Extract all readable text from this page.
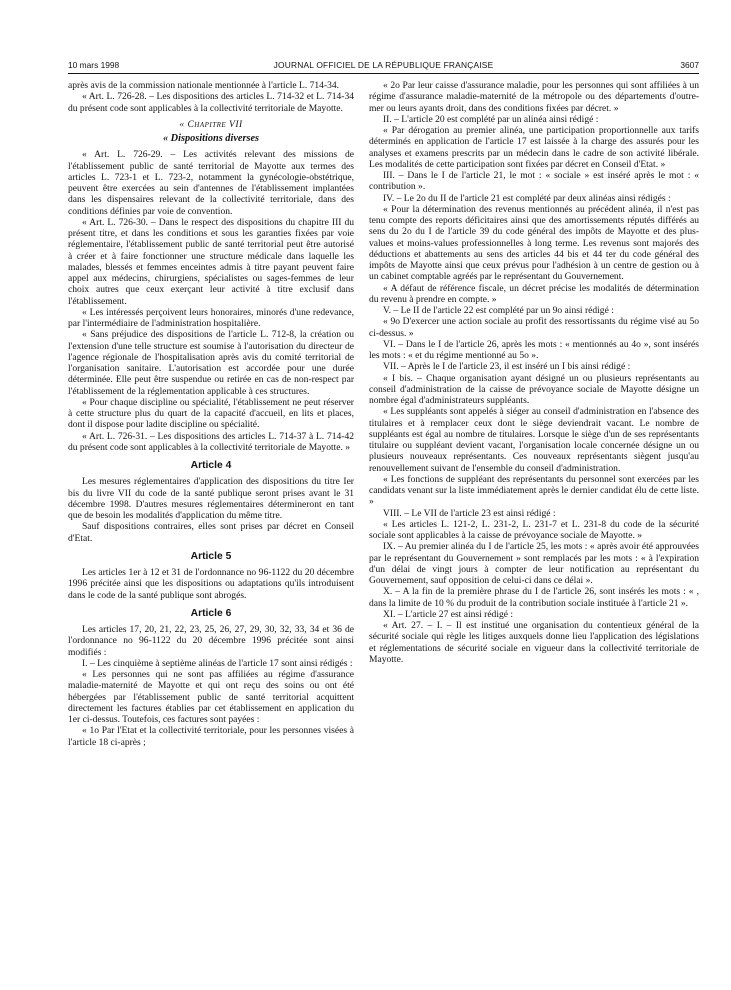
10 mars 1998	JOURNAL OFFICIEL DE LA RÉPUBLIQUE FRANÇAISE	3607

après avis de la commission nationale mentionnée à l'article L. 714-34.

« Art. L. 726-28. – Les dispositions des articles L. 714-32 et L. 714-34 du présent code sont applicables à la collectivité territoriale de Mayotte.

« Chapitre VII
« Dispositions diverses

« Art. L. 726-29. – Les activités relevant des missions de l'établissement public de santé territorial de Mayotte aux termes des articles L. 723-1 et L. 723-2, notamment la gynécologie-obstétrique, peuvent être exercées au sein d'antennes de l'établissement implantées dans les dispensaires relevant de la collectivité territoriale, dans des conditions définies par voie de convention.

« Art. L. 726-30. – Dans le respect des dispositions du chapitre III du présent titre, et dans les conditions et sous les garanties fixées par voie réglementaire, l'établissement public de santé territorial peut être autorisé à créer et à faire fonctionner une structure médicale dans laquelle les malades, blessés et femmes enceintes admis à titre payant peuvent faire appel aux médecins, chirurgiens, spécialistes ou sages-femmes de leur choix autres que ceux exerçant leur activité à titre exclusif dans l'établissement.

« Les intéressés perçoivent leurs honoraires, minorés d'une redevance, par l'intermédiaire de l'administration hospitalière.

« Sans préjudice des dispositions de l'article L. 712-8, la création ou l'extension d'une telle structure est soumise à l'autorisation du directeur de l'agence régionale de l'hospitalisation après avis du comité territorial de l'organisation sanitaire. L'autorisation est accordée pour une durée déterminée. Elle peut être suspendue ou retirée en cas de non-respect par l'établissement de la réglementation applicable à ces structures.

« Pour chaque discipline ou spécialité, l'établissement ne peut réserver à cette structure plus du quart de la capacité d'accueil, en lits et places, dont il dispose pour ladite discipline ou spécialité.

« Art. L. 726-31. – Les dispositions des articles L. 714-37 à L. 714-42 du présent code sont applicables à la collectivité territoriale de Mayotte. »

Article 4

Les mesures réglementaires d'application des dispositions du titre Ier bis du livre VII du code de la santé publique seront prises avant le 31 décembre 1998. D'autres mesures réglementaires détermineront en tant que de besoin les modalités d'application du même titre.

Sauf dispositions contraires, elles sont prises par décret en Conseil d'Etat.

Article 5

Les articles 1er à 12 et 31 de l'ordonnance no 96-1122 du 20 décembre 1996 précitée ainsi que les dispositions ou adaptations qu'ils introduisent dans le code de la santé publique sont abrogés.

Article 6

Les articles 17, 20, 21, 22, 23, 25, 26, 27, 29, 30, 32, 33, 34 et 36 de l'ordonnance no 96-1122 du 20 décembre 1996 précitée sont ainsi modifiés :

I. – Les cinquième à septième alinéas de l'article 17 sont ainsi rédigés :

« Les personnes qui ne sont pas affiliées au régime d'assurance maladie-maternité de Mayotte et qui ont reçu des soins ou ont été hébergées par l'établissement public de santé territorial acquittent directement les factures établies par cet établissement en application du 1er ci-dessus. Toutefois, ces factures sont payées :

« 1o Par l'Etat et la collectivité territoriale, pour les personnes visées à l'article 18 ci-après ;

« 2o Par leur caisse d'assurance maladie, pour les personnes qui sont affiliées à un régime d'assurance maladie-maternité de la métropole ou des départements d'outre-mer ou leurs ayants droit, dans des conditions fixées par décret. »

II. – L'article 20 est complété par un alinéa ainsi rédigé :

« Par dérogation au premier alinéa, une participation proportionnelle aux tarifs déterminés en application de l'article 17 est laissée à la charge des assurés pour les analyses et examens prescrits par un médecin dans le cadre de son activité libérale. Les modalités de cette participation sont fixées par décret en Conseil d'Etat. »

III. – Dans le I de l'article 21, le mot : « sociale » est inséré après le mot : « contribution ».

IV. – Le 2o du II de l'article 21 est complété par deux alinéas ainsi rédigés :

« Pour la détermination des revenus mentionnés au précédent alinéa, il n'est pas tenu compte des reports déficitaires ainsi que des amortissements réputés différés au sens du 2o du I de l'article 39 du code général des impôts de Mayotte et des plus-values et moins-values professionnelles à long terme. Les revenus sont majorés des déductions et abattements au sens des articles 44 bis et 44 ter du code général des impôts de Mayotte ainsi que ceux prévus pour l'adhésion à un centre de gestion ou à un cabinet comptable agréés par le représentant du Gouvernement.

« A défaut de référence fiscale, un décret précise les modalités de détermination du revenu à prendre en compte. »

V. – Le II de l'article 22 est complété par un 9o ainsi rédigé :

« 9o D'exercer une action sociale au profit des ressortissants du régime visé au 5o ci-dessus. »

VI. – Dans le I de l'article 26, après les mots : « mentionnés au 4o », sont insérés les mots : « et du régime mentionné au 5o ».

VII. – Après le I de l'article 23, il est inséré un I bis ainsi rédigé :

« I bis. – Chaque organisation ayant désigné un ou plusieurs représentants au conseil d'administration de la caisse de prévoyance sociale de Mayotte désigne un nombre égal d'administrateurs suppléants.

« Les suppléants sont appelés à siéger au conseil d'administration en l'absence des titulaires et à remplacer ceux dont le siège deviendrait vacant. Le nombre de suppléants est égal au nombre de titulaires. Lorsque le siège d'un de ses représentants titulaire ou suppléant devient vacant, l'organisation locale concernée désigne un ou plusieurs nouveaux représentants. Ces nouveaux représentants siègent jusqu'au renouvellement suivant de l'ensemble du conseil d'administration.

« Les fonctions de suppléant des représentants du personnel sont exercées par les candidats venant sur la liste immédiatement après le dernier candidat élu de cette liste. »

VIII. – Le VII de l'article 23 est ainsi rédigé :

« Les articles L. 121-2, L. 231-2, L. 231-7 et L. 231-8 du code de la sécurité sociale sont applicables à la caisse de prévoyance sociale de Mayotte. »

IX. – Au premier alinéa du I de l'article 25, les mots : « après avoir été approuvées par le représentant du Gouvernement » sont remplacés par les mots : « à l'expiration d'un délai de vingt jours à compter de leur notification au représentant du Gouvernement, sauf opposition de celui-ci dans ce délai ».

X. – A la fin de la première phrase du I de l'article 26, sont insérés les mots : « , dans la limite de 10 % du produit de la contribution sociale instituée à l'article 21 ».

XI. – L'article 27 est ainsi rédigé :

« Art. 27. – I. – Il est institué une organisation du contentieux général de la sécurité sociale qui règle les litiges auxquels donne lieu l'application des législations et réglementations de sécurité sociale en vigueur dans la collectivité territoriale de Mayotte.
